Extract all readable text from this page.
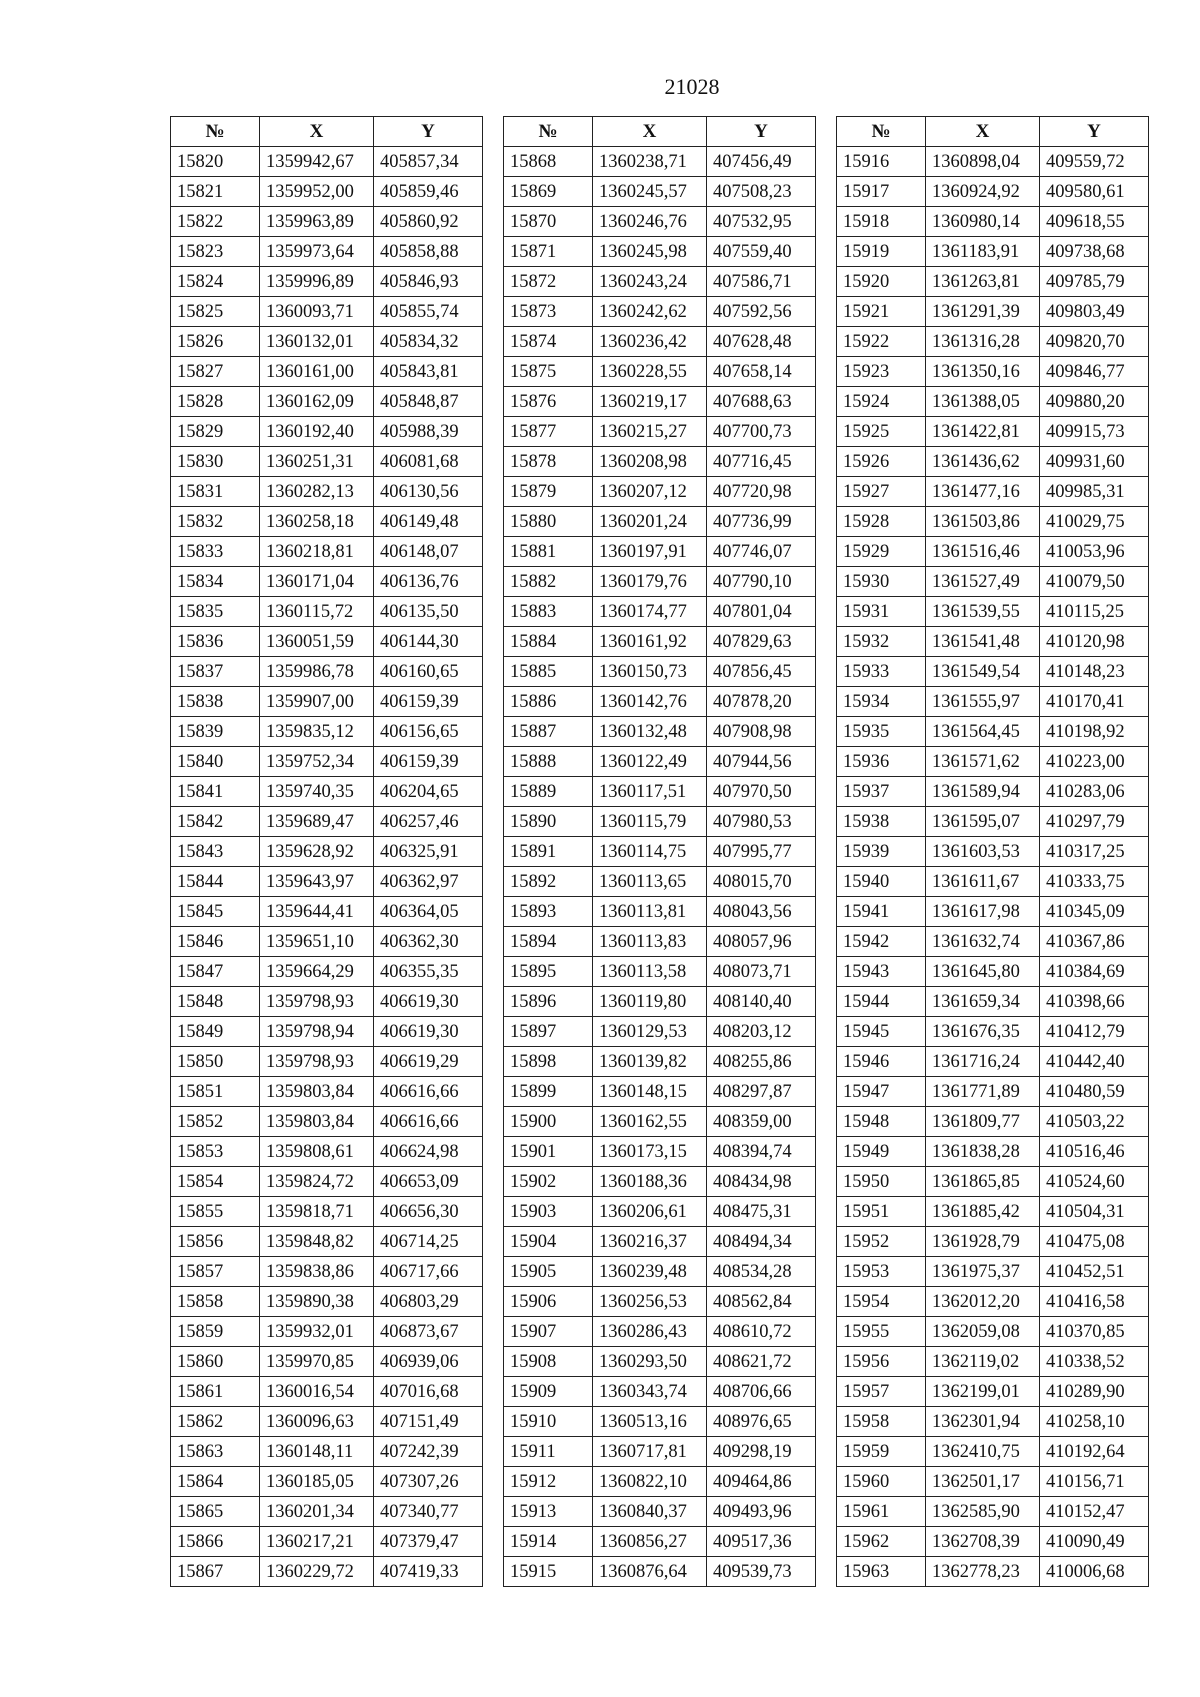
21028
№	X	Y
15820	1359942,67	405857,34
15821	1359952,00	405859,46
15822	1359963,89	405860,92
15823	1359973,64	405858,88
15824	1359996,89	405846,93
15825	1360093,71	405855,74
15826	1360132,01	405834,32
15827	1360161,00	405843,81
15828	1360162,09	405848,87
15829	1360192,40	405988,39
15830	1360251,31	406081,68
15831	1360282,13	406130,56
15832	1360258,18	406149,48
15833	1360218,81	406148,07
15834	1360171,04	406136,76
15835	1360115,72	406135,50
15836	1360051,59	406144,30
15837	1359986,78	406160,65
15838	1359907,00	406159,39
15839	1359835,12	406156,65
15840	1359752,34	406159,39
15841	1359740,35	406204,65
15842	1359689,47	406257,46
15843	1359628,92	406325,91
15844	1359643,97	406362,97
15845	1359644,41	406364,05
15846	1359651,10	406362,30
15847	1359664,29	406355,35
15848	1359798,93	406619,30
15849	1359798,94	406619,30
15850	1359798,93	406619,29
15851	1359803,84	406616,66
15852	1359803,84	406616,66
15853	1359808,61	406624,98
15854	1359824,72	406653,09
15855	1359818,71	406656,30
15856	1359848,82	406714,25
15857	1359838,86	406717,66
15858	1359890,38	406803,29
15859	1359932,01	406873,67
15860	1359970,85	406939,06
15861	1360016,54	407016,68
15862	1360096,63	407151,49
15863	1360148,11	407242,39
15864	1360185,05	407307,26
15865	1360201,34	407340,77
15866	1360217,21	407379,47
15867	1360229,72	407419,33
№	X	Y
15868	1360238,71	407456,49
15869	1360245,57	407508,23
15870	1360246,76	407532,95
15871	1360245,98	407559,40
15872	1360243,24	407586,71
15873	1360242,62	407592,56
15874	1360236,42	407628,48
15875	1360228,55	407658,14
15876	1360219,17	407688,63
15877	1360215,27	407700,73
15878	1360208,98	407716,45
15879	1360207,12	407720,98
15880	1360201,24	407736,99
15881	1360197,91	407746,07
15882	1360179,76	407790,10
15883	1360174,77	407801,04
15884	1360161,92	407829,63
15885	1360150,73	407856,45
15886	1360142,76	407878,20
15887	1360132,48	407908,98
15888	1360122,49	407944,56
15889	1360117,51	407970,50
15890	1360115,79	407980,53
15891	1360114,75	407995,77
15892	1360113,65	408015,70
15893	1360113,81	408043,56
15894	1360113,83	408057,96
15895	1360113,58	408073,71
15896	1360119,80	408140,40
15897	1360129,53	408203,12
15898	1360139,82	408255,86
15899	1360148,15	408297,87
15900	1360162,55	408359,00
15901	1360173,15	408394,74
15902	1360188,36	408434,98
15903	1360206,61	408475,31
15904	1360216,37	408494,34
15905	1360239,48	408534,28
15906	1360256,53	408562,84
15907	1360286,43	408610,72
15908	1360293,50	408621,72
15909	1360343,74	408706,66
15910	1360513,16	408976,65
15911	1360717,81	409298,19
15912	1360822,10	409464,86
15913	1360840,37	409493,96
15914	1360856,27	409517,36
15915	1360876,64	409539,73
№	X	Y
15916	1360898,04	409559,72
15917	1360924,92	409580,61
15918	1360980,14	409618,55
15919	1361183,91	409738,68
15920	1361263,81	409785,79
15921	1361291,39	409803,49
15922	1361316,28	409820,70
15923	1361350,16	409846,77
15924	1361388,05	409880,20
15925	1361422,81	409915,73
15926	1361436,62	409931,60
15927	1361477,16	409985,31
15928	1361503,86	410029,75
15929	1361516,46	410053,96
15930	1361527,49	410079,50
15931	1361539,55	410115,25
15932	1361541,48	410120,98
15933	1361549,54	410148,23
15934	1361555,97	410170,41
15935	1361564,45	410198,92
15936	1361571,62	410223,00
15937	1361589,94	410283,06
15938	1361595,07	410297,79
15939	1361603,53	410317,25
15940	1361611,67	410333,75
15941	1361617,98	410345,09
15942	1361632,74	410367,86
15943	1361645,80	410384,69
15944	1361659,34	410398,66
15945	1361676,35	410412,79
15946	1361716,24	410442,40
15947	1361771,89	410480,59
15948	1361809,77	410503,22
15949	1361838,28	410516,46
15950	1361865,85	410524,60
15951	1361885,42	410504,31
15952	1361928,79	410475,08
15953	1361975,37	410452,51
15954	1362012,20	410416,58
15955	1362059,08	410370,85
15956	1362119,02	410338,52
15957	1362199,01	410289,90
15958	1362301,94	410258,10
15959	1362410,75	410192,64
15960	1362501,17	410156,71
15961	1362585,90	410152,47
15962	1362708,39	410090,49
15963	1362778,23	410006,68
